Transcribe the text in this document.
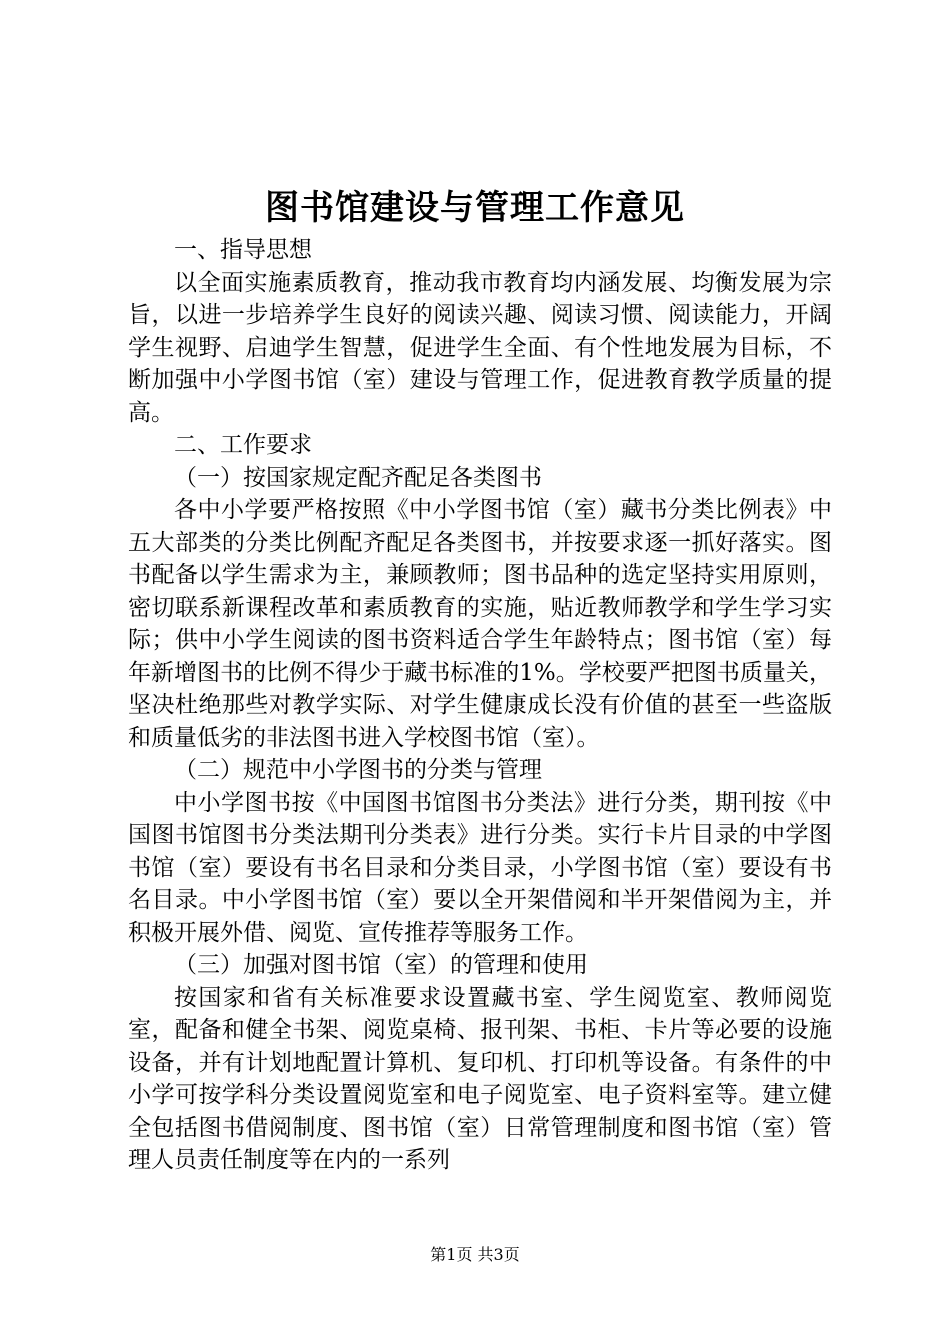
图书馆建设与管理工作意见

一、指导思想

以全面实施素质教育，推动我市教育均内涵发展、均衡发展为宗旨，以进一步培养学生良好的阅读兴趣、阅读习惯、阅读能力，开阔学生视野、启迪学生智慧，促进学生全面、有个性地发展为目标，不断加强中小学图书馆（室）建设与管理工作，促进教育教学质量的提高。

二、工作要求

（一）按国家规定配齐配足各类图书

各中小学要严格按照《中小学图书馆（室）藏书分类比例表》中五大部类的分类比例配齐配足各类图书，并按要求逐一抓好落实。图书配备以学生需求为主，兼顾教师；图书品种的选定坚持实用原则，密切联系新课程改革和素质教育的实施，贴近教师教学和学生学习实际；供中小学生阅读的图书资料适合学生年龄特点；图书馆（室）每年新增图书的比例不得少于藏书标准的1%。学校要严把图书质量关，坚决杜绝那些对教学实际、对学生健康成长没有价值的甚至一些盗版和质量低劣的非法图书进入学校图书馆（室）。

（二）规范中小学图书的分类与管理

中小学图书按《中国图书馆图书分类法》进行分类，期刊按《中国图书馆图书分类法期刊分类表》进行分类。实行卡片目录的中学图书馆（室）要设有书名目录和分类目录，小学图书馆（室）要设有书名目录。中小学图书馆（室）要以全开架借阅和半开架借阅为主，并积极开展外借、阅览、宣传推荐等服务工作。

（三）加强对图书馆（室）的管理和使用

按国家和省有关标准要求设置藏书室、学生阅览室、教师阅览室，配备和健全书架、阅览桌椅、报刊架、书柜、卡片等必要的设施设备，并有计划地配置计算机、复印机、打印机等设备。有条件的中小学可按学科分类设置阅览室和电子阅览室、电子资料室等。建立健全包括图书借阅制度、图书馆（室）日常管理制度和图书馆（室）管理人员责任制度等在内的一系列

第1页 共3页
